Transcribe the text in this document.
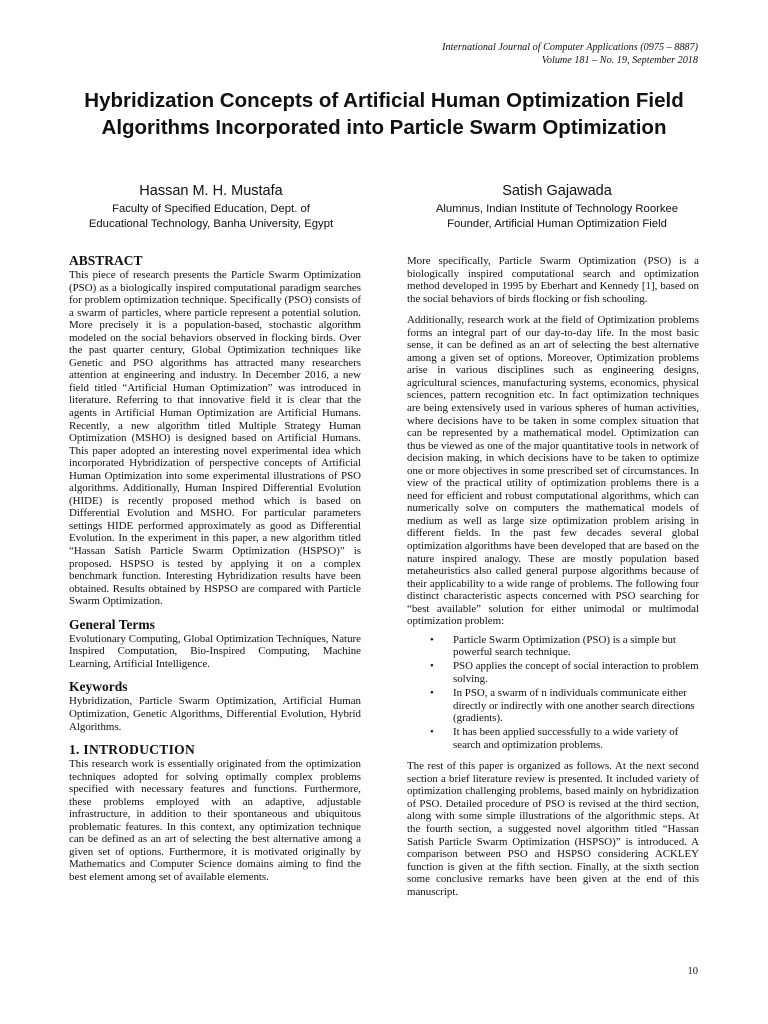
International Journal of Computer Applications (0975 – 8887)
Volume 181 – No. 19, September 2018
Hybridization Concepts of Artificial Human Optimization Field Algorithms Incorporated into Particle Swarm Optimization
Hassan M. H. Mustafa
Faculty of Specified Education, Dept. of
Educational Technology, Banha University, Egypt
Satish Gajawada
Alumnus, Indian Institute of Technology Roorkee
Founder, Artificial Human Optimization Field
ABSTRACT

This piece of research presents the Particle Swarm Optimization (PSO) as a biologically inspired computational paradigm searches for problem optimization technique. Specifically (PSO) consists of a swarm of particles, where particle represent a potential solution. More precisely it is a population-based, stochastic algorithm modeled on the social behaviors observed in flocking birds. Over the past quarter century, Global Optimization techniques like Genetic and PSO algorithms has attracted many researchers attention at engineering and industry. In December 2016, a new field titled “Artificial Human Optimization” was introduced in literature. Referring to that innovative field it is clear that the agents in Artificial Human Optimization are Artificial Humans. Recently, a new algorithm titled Multiple Strategy Human Optimization (MSHO) is designed based on Artificial Humans. This paper adopted an interesting novel experimental idea which incorporated Hybridization of perspective concepts of Artificial Human Optimization into some experimental illustrations of PSO algorithms. Additionally, Human Inspired Differential Evolution (HIDE) is recently proposed method which is based on Differential Evolution and MSHO. For particular parameters settings HIDE performed approximately as good as Differential Evolution. In the experiment in this paper, a new algorithm titled “Hassan Satish Particle Swarm Optimization (HSPSO)” is proposed. HSPSO is tested by applying it on a complex benchmark function. Interesting Hybridization results have been obtained. Results obtained by HSPSO are compared with Particle Swarm Optimization.

General Terms

Evolutionary Computing, Global Optimization Techniques, Nature Inspired Computation, Bio-Inspired Computing, Machine Learning, Artificial Intelligence.

Keywords

Hybridization, Particle Swarm Optimization, Artificial Human Optimization, Genetic Algorithms, Differential Evolution, Hybrid Algorithms.

1. INTRODUCTION

This research work is essentially originated from the optimization techniques adopted for solving optimally complex problems specified with necessary features and functions. Furthermore, these problems employed with an adaptive, adjustable infrastructure, in addition to their spontaneous and ubiquitous problematic features. In this context, any optimization technique can be defined as an art of selecting the best alternative among a given set of options. Furthermore, it is motivated originally by Mathematics and Computer Science domains aiming to find the best element among set of available elements.

More specifically, Particle Swarm Optimization (PSO) is a biologically inspired computational search and optimization method developed in 1995 by Eberhart and Kennedy [1], based on the social behaviors of birds flocking or fish schooling.

Additionally, research work at the field of Optimization problems forms an integral part of our day-to-day life. In the most basic sense, it can be defined as an art of selecting the best alternative among a given set of options. Moreover, Optimization problems arise in various disciplines such as engineering designs, agricultural sciences, manufacturing systems, economics, physical sciences, pattern recognition etc. In fact optimization techniques are being extensively used in various spheres of human activities, where decisions have to be taken in some complex situation that can be represented by a mathematical model. Optimization can thus be viewed as one of the major quantitative tools in network of decision making, in which decisions have to be taken to optimize one or more objectives in some prescribed set of circumstances. In view of the practical utility of optimization problems there is a need for efficient and robust computational algorithms, which can numerically solve on computers the mathematical models of medium as well as large size optimization problem arising in different fields. In the past few decades several global optimization algorithms have been developed that are based on the nature inspired analogy. These are mostly population based metaheuristics also called general purpose algorithms because of their applicability to a wide range of problems. The following four distinct characteristic aspects concerned with PSO searching for “best available” solution for either unimodal or multimodal optimization problem:

• Particle Swarm Optimization (PSO) is a simple but powerful search technique.
• PSO applies the concept of social interaction to problem solving.
• In PSO, a swarm of n individuals communicate either directly or indirectly with one another search directions (gradients).
• It has been applied successfully to a wide variety of search and optimization problems.

The rest of this paper is organized as follows. At the next second section a brief literature review is presented. It included variety of optimization challenging problems, based mainly on hybridization of PSO. Detailed procedure of PSO is revised at the third section, along with some simple illustrations of the algorithmic steps. At the fourth section, a suggested novel algorithm titled “Hassan Satish Particle Swarm Optimization (HSPSO)” is introduced. A comparison between PSO and HSPSO considering ACKLEY function is given at the fifth section. Finally, at the sixth section some conclusive remarks have been given at the end of this manuscript.

10
